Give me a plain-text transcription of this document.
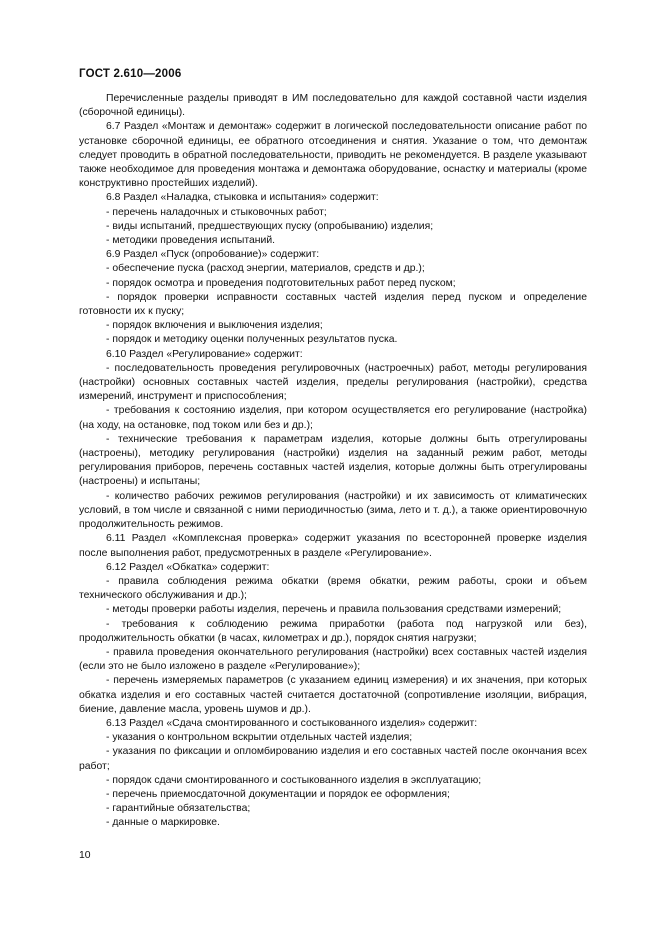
ГОСТ 2.610—2006

Перечисленные разделы приводят в ИМ последовательно для каждой составной части изделия (сборочной единицы).

6.7 Раздел «Монтаж и демонтаж» содержит в логической последовательности описание работ по установке сборочной единицы, ее обратного отсоединения и снятия. Указание о том, что демонтаж следует проводить в обратной последовательности, приводить не рекомендуется. В разделе указывают также необходимое для проведения монтажа и демонтажа оборудование, оснастку и материалы (кроме конструктивно простейших изделий).

6.8 Раздел «Наладка, стыковка и испытания» содержит:

- перечень наладочных и стыковочных работ;

- виды испытаний, предшествующих пуску (опробыванию) изделия;

- методики проведения испытаний.

6.9 Раздел «Пуск (опробование)» содержит:

- обеспечение пуска (расход энергии, материалов, средств и др.);

- порядок осмотра и проведения подготовительных работ перед пуском;

- порядок проверки исправности составных частей изделия перед пуском и определение готовности их к пуску;

- порядок включения и выключения изделия;

- порядок и методику оценки полученных результатов пуска.

6.10 Раздел «Регулирование» содержит:

- последовательность проведения регулировочных (настроечных) работ, методы регулирования (настройки) основных составных частей изделия, пределы регулирования (настройки), средства измерений, инструмент и приспособления;

- требования к состоянию изделия, при котором осуществляется его регулирование (настройка) (на ходу, на остановке, под током или без и др.);

- технические требования к параметрам изделия, которые должны быть отрегулированы (настроены), методику регулирования (настройки) изделия на заданный режим работ, методы регулирования приборов, перечень составных частей изделия, которые должны быть отрегулированы (настроены) и испытаны;

- количество рабочих режимов регулирования (настройки) и их зависимость от климатических условий, в том числе и связанной с ними периодичностью (зима, лето и т. д.), а также ориентировочную продолжительность режимов.

6.11 Раздел «Комплексная проверка» содержит указания по всесторонней проверке изделия после выполнения работ, предусмотренных в разделе «Регулирование».

6.12 Раздел «Обкатка» содержит:

- правила соблюдения режима обкатки (время обкатки, режим работы, сроки и объем технического обслуживания и др.);

- методы проверки работы изделия, перечень и правила пользования средствами измерений;

- требования к соблюдению режима приработки (работа под нагрузкой или без), продолжительность обкатки (в часах, километрах и др.), порядок снятия нагрузки;

- правила проведения окончательного регулирования (настройки) всех составных частей изделия (если это не было изложено в разделе «Регулирование»);

- перечень измеряемых параметров (с указанием единиц измерения) и их значения, при которых обкатка изделия и его составных частей считается достаточной (сопротивление изоляции, вибрация, биение, давление масла, уровень шумов и др.).

6.13 Раздел «Сдача смонтированного и состыкованного изделия» содержит:

- указания о контрольном вскрытии отдельных частей изделия;

- указания по фиксации и опломбированию изделия и его составных частей после окончания всех работ;

- порядок сдачи смонтированного и состыкованного изделия в эксплуатацию;

- перечень приемосдаточной документации и порядок ее оформления;

- гарантийные обязательства;

- данные о маркировке.

10
